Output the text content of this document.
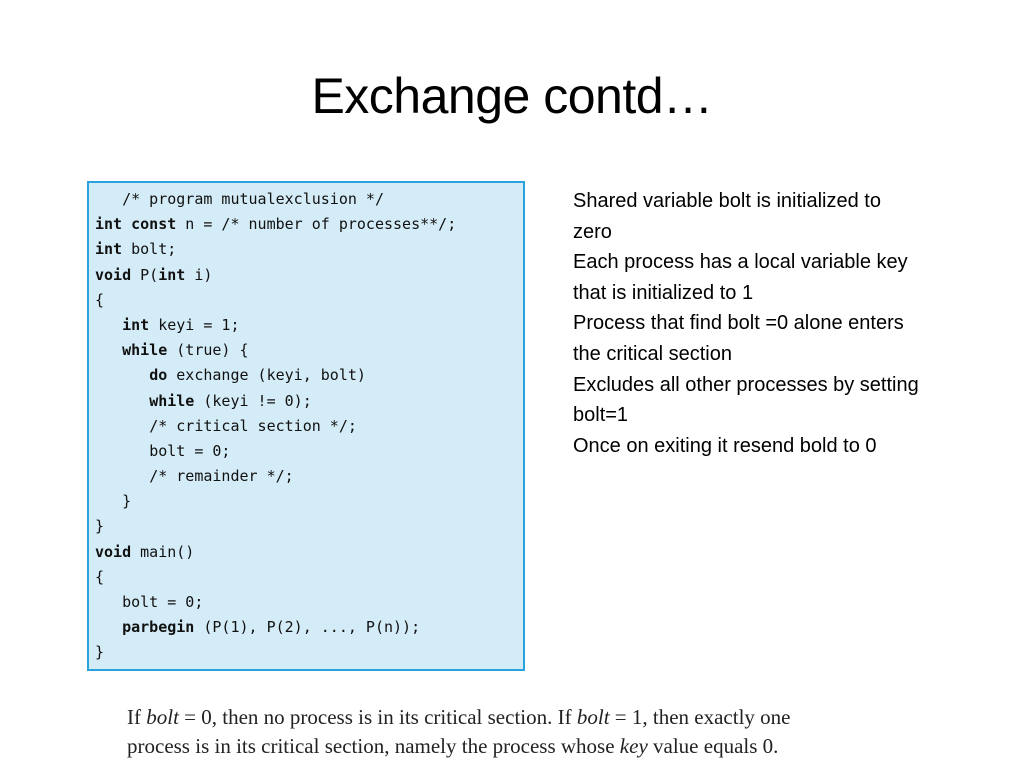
Exchange contd…
/* program mutualexclusion */
int const n = /* number of processes**/;
int bolt;
void P(int i)
{
int keyi = 1;
while (true) {
do exchange (keyi, bolt)
while (keyi != 0);
/* critical section */;
bolt = 0;
/* remainder */;
}
}
void main()
{
bolt = 0;
parbegin (P(1), P(2), ..., P(n));
}
Shared variable bolt is initialized to
zero
Each process has a local variable key
that is initialized to 1
Process that find bolt =0 alone enters
the critical section
Excludes all other processes by setting
bolt=1
Once on exiting it resend bold to 0
If bolt = 0, then no process is in its critical section. If bolt = 1, then exactly one
process is in its critical section, namely the process whose key value equals 0.
